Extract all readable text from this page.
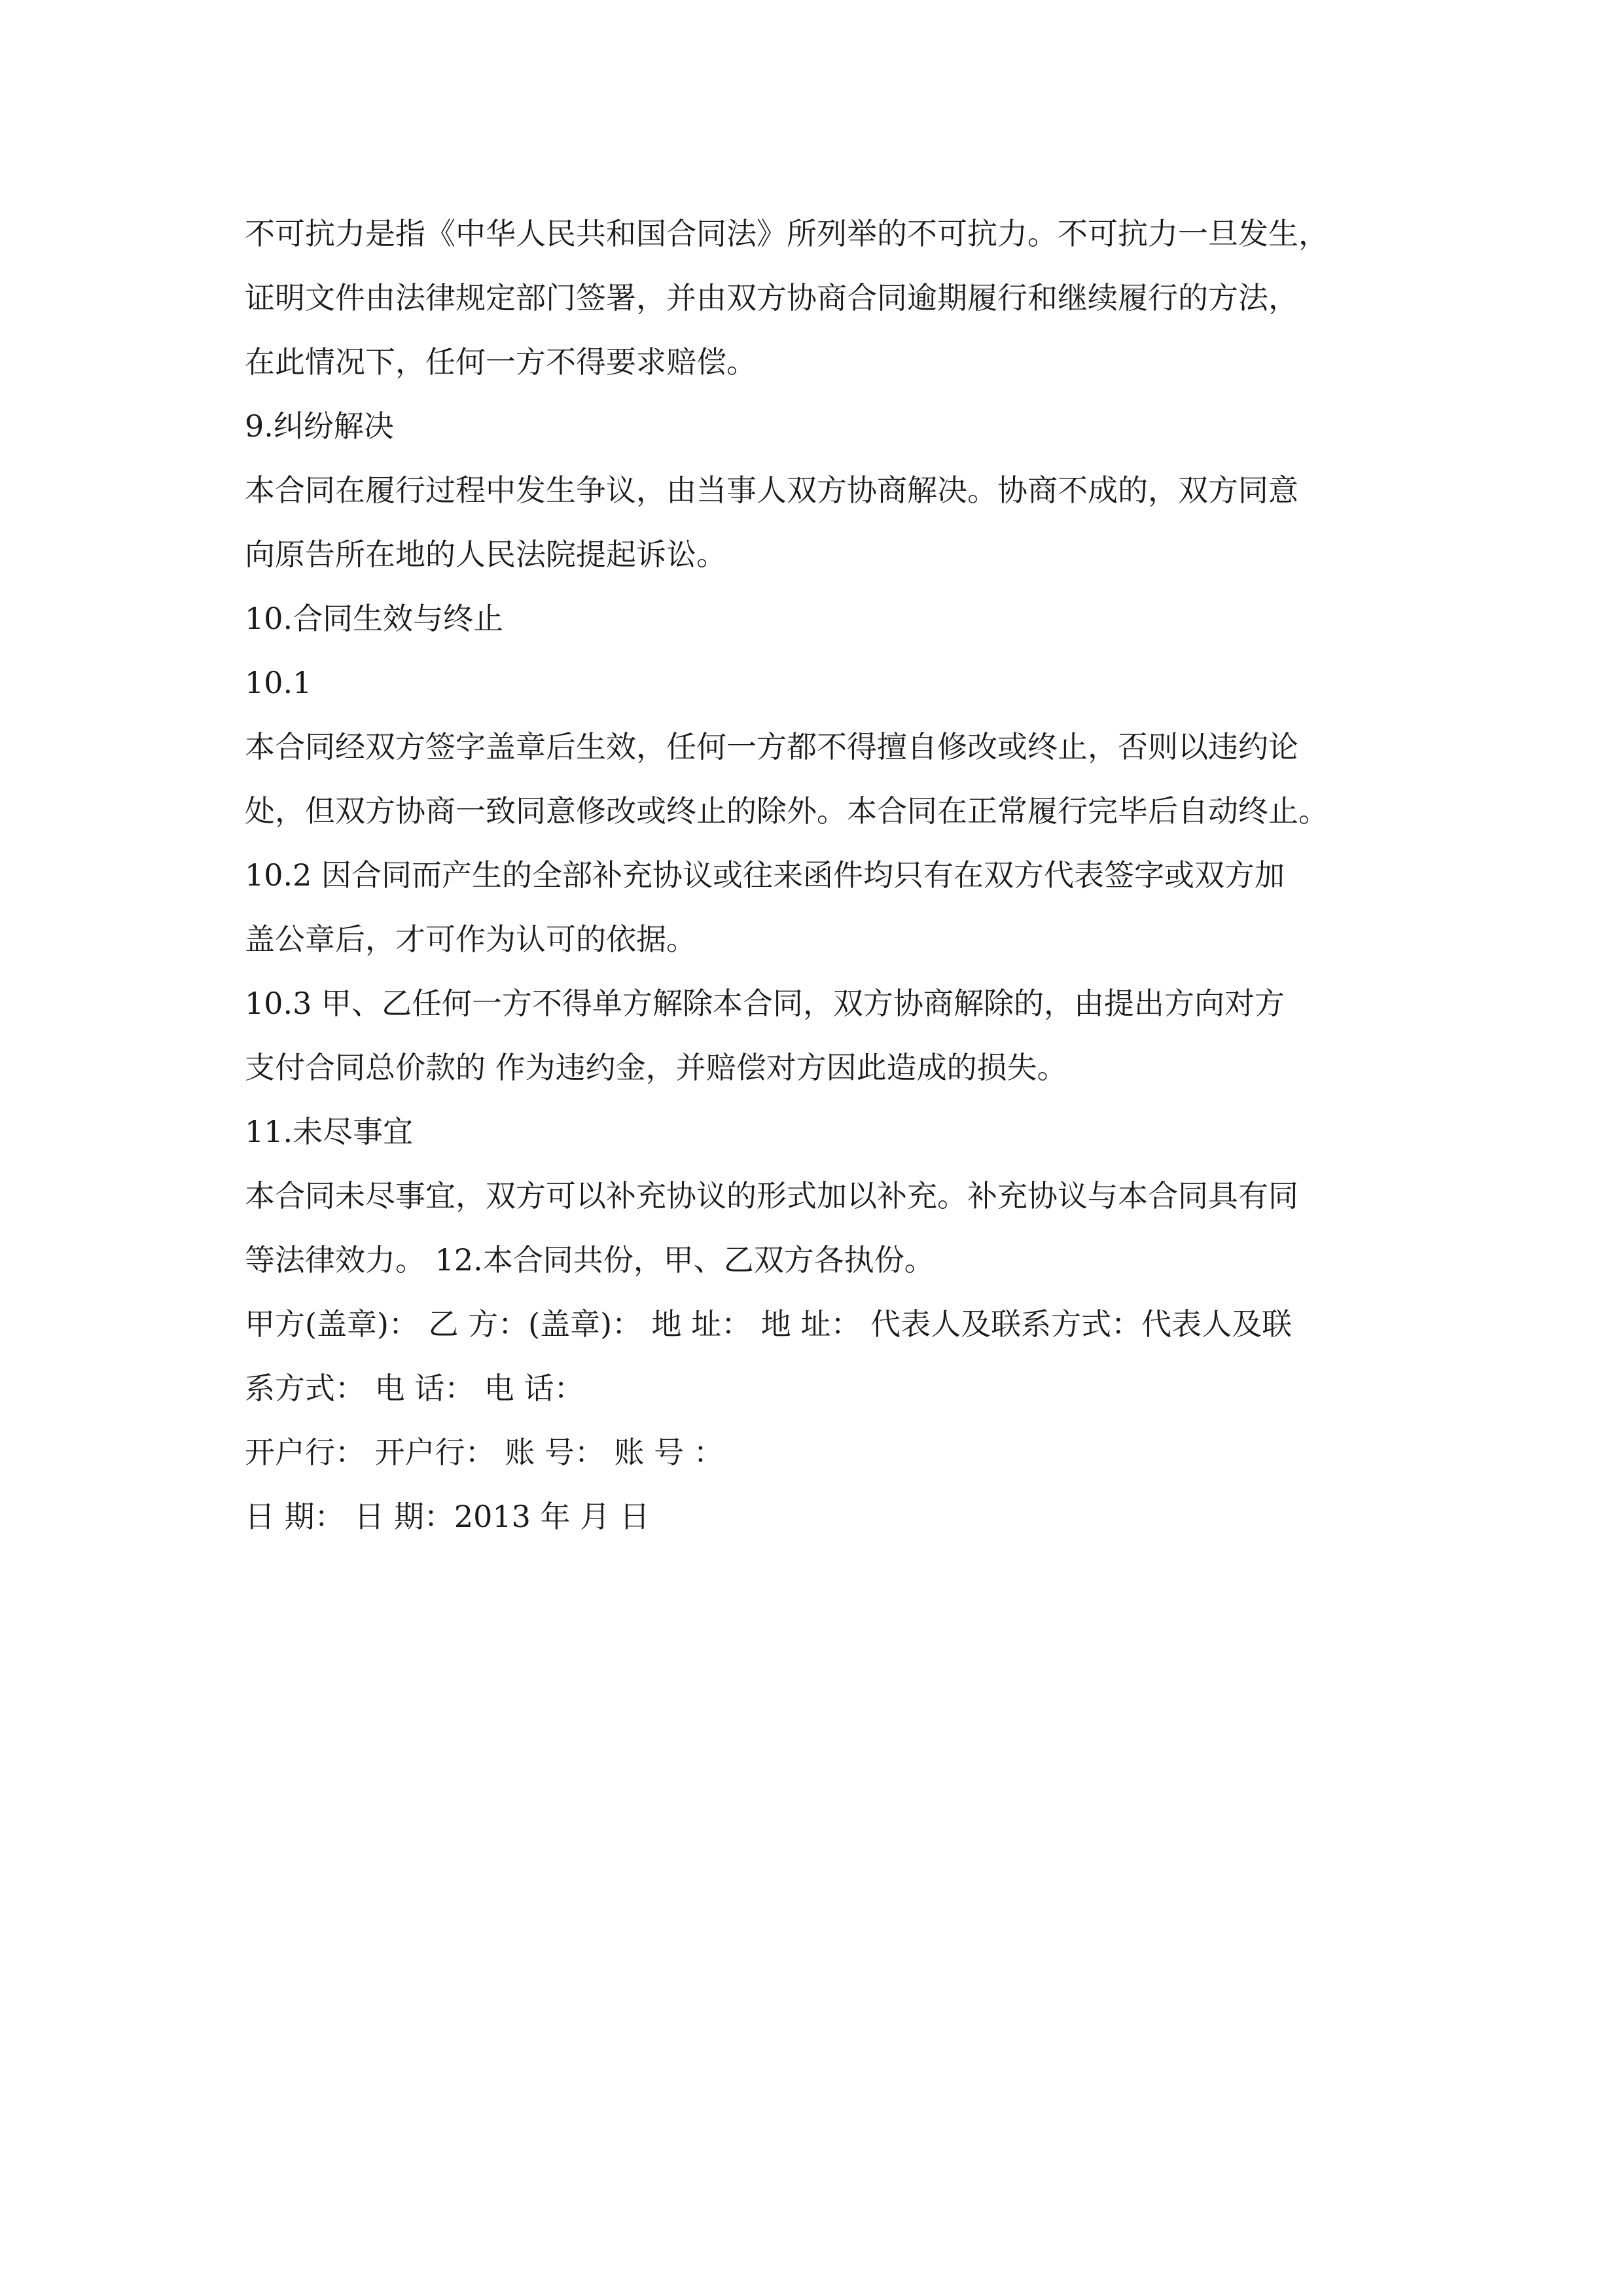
不可抗力是指《中华人民共和国合同法》所列举的不可抗力。不可抗力一旦发生，
证明文件由法律规定部门签署，并由双方协商合同逾期履行和继续履行的方法，
在此情况下，任何一方不得要求赔偿。
9.纠纷解决
本合同在履行过程中发生争议，由当事人双方协商解决。协商不成的，双方同意
向原告所在地的人民法院提起诉讼。
10.合同生效与终止
10.1
本合同经双方签字盖章后生效，任何一方都不得擅自修改或终止，否则以违约论
处，但双方协商一致同意修改或终止的除外。本合同在正常履行完毕后自动终止。
10.2 因合同而产生的全部补充协议或往来函件均只有在双方代表签字或双方加
盖公章后，才可作为认可的依据。
10.3 甲、乙任何一方不得单方解除本合同，双方协商解除的，由提出方向对方
支付合同总价款的 作为违约金，并赔偿对方因此造成的损失。
11.未尽事宜
本合同未尽事宜，双方可以补充协议的形式加以补充。补充协议与本合同具有同
等法律效力。 12.本合同共份，甲、乙双方各执份。
甲方(盖章)： 乙 方：(盖章)： 地 址： 地 址： 代表人及联系方式：代表人及联
系方式： 电 话： 电 话：
开户行： 开户行： 账 号： 账 号 ：
日 期： 日 期：2013 年 月 日
